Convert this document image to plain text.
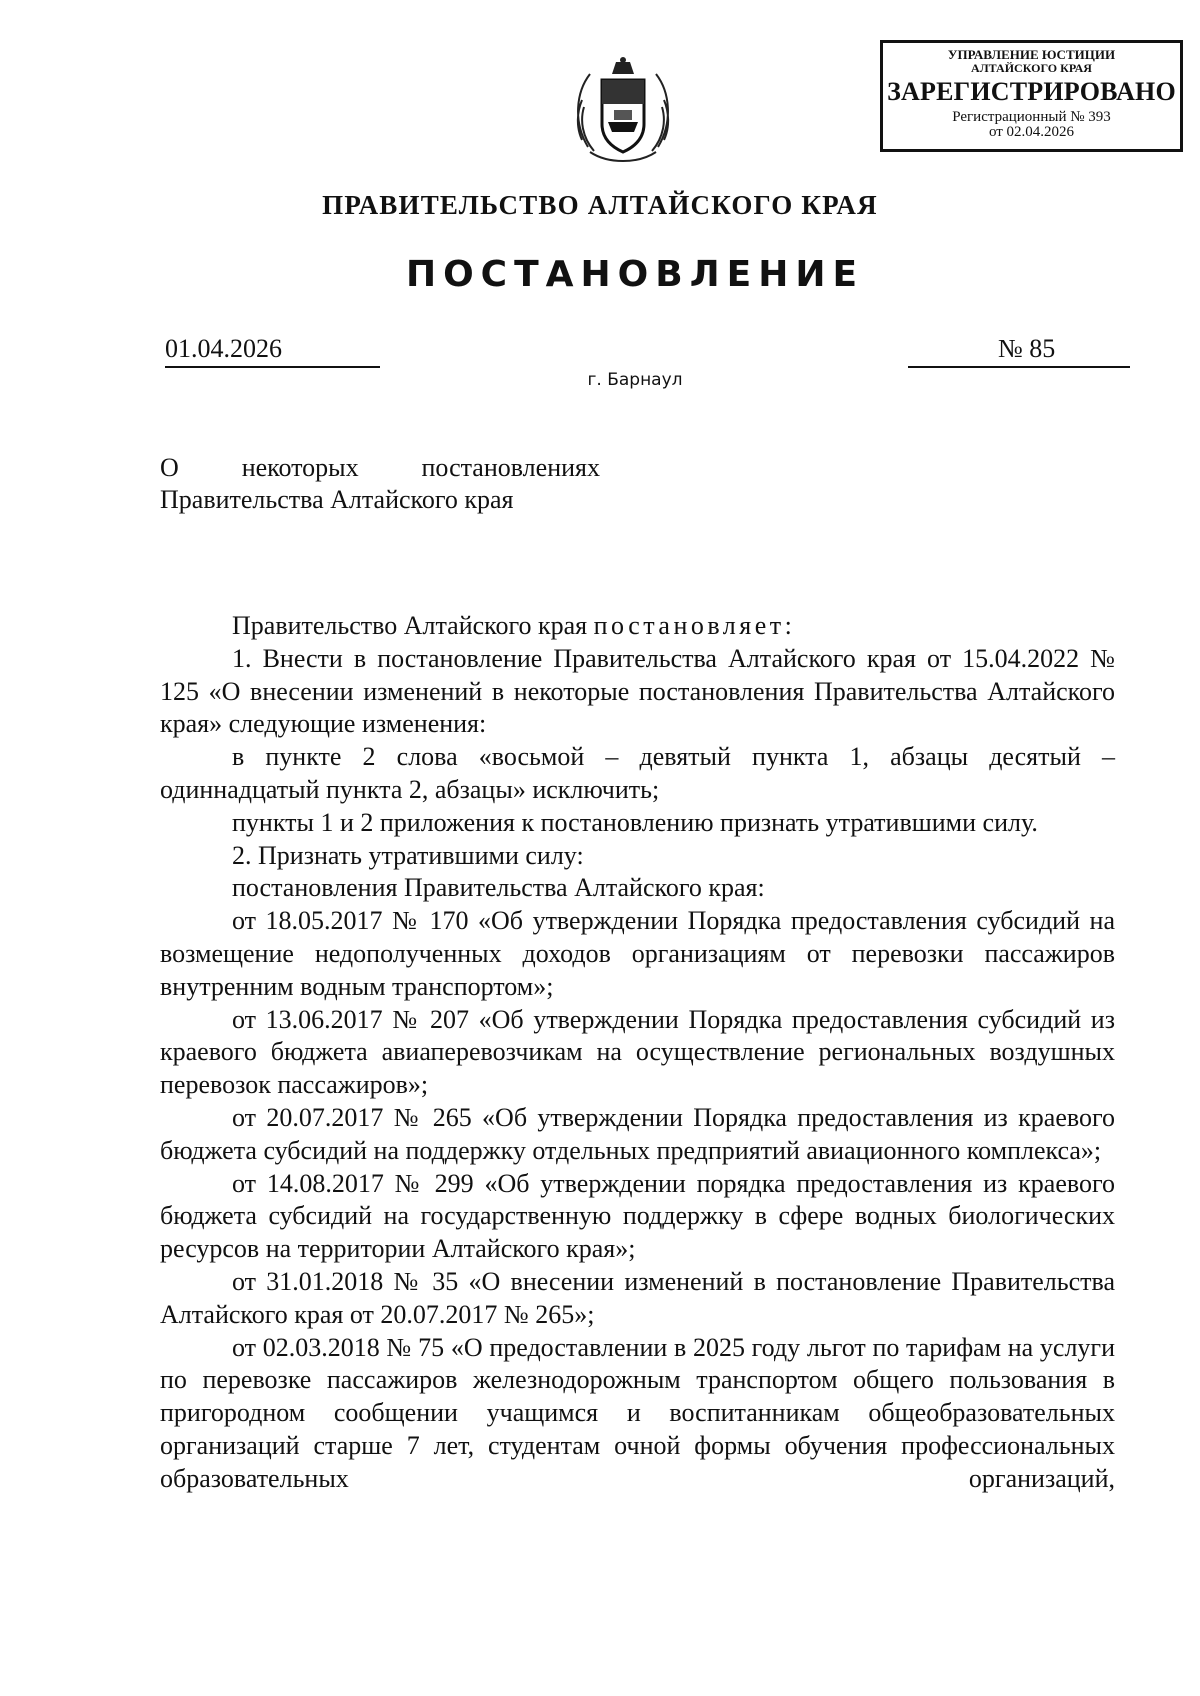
УПРАВЛЕНИЕ ЮСТИЦИИ
АЛТАЙСКОГО КРАЯ
ЗАРЕГИСТРИРОВАНО
Регистрационный № 393
от 02.04.2026
ПРАВИТЕЛЬСТВО АЛТАЙСКОГО КРАЯ
ПОСТАНОВЛЕНИЕ
01.04.2026	№ 85
г. Барнаул
О некоторых постановлениях
Правительства Алтайского края

Правительство Алтайского края постановляет:

1. Внести в постановление Правительства Алтайского края от 15.04.2022 № 125 «О внесении изменений в некоторые постановления Правительства Алтайского края» следующие изменения:

в пункте 2 слова «восьмой – девятый пункта 1, абзацы десятый – одиннадцатый пункта 2, абзацы» исключить;

пункты 1 и 2 приложения к постановлению признать утратившими силу.

2. Признать утратившими силу:

постановления Правительства Алтайского края:

от 18.05.2017 № 170 «Об утверждении Порядка предоставления субсидий на возмещение недополученных доходов организациям от перевозки пассажиров внутренним водным транспортом»;

от 13.06.2017 № 207 «Об утверждении Порядка предоставления субсидий из краевого бюджета авиаперевозчикам на осуществление региональных воздушных перевозок пассажиров»;

от 20.07.2017 № 265 «Об утверждении Порядка предоставления из краевого бюджета субсидий на поддержку отдельных предприятий авиационного комплекса»;

от 14.08.2017 № 299 «Об утверждении порядка предоставления из краевого бюджета субсидий на государственную поддержку в сфере водных биологических ресурсов на территории Алтайского края»;

от 31.01.2018 № 35 «О внесении изменений в постановление Правительства Алтайского края от 20.07.2017 № 265»;

от 02.03.2018 № 75 «О предоставлении в 2025 году льгот по тарифам на услуги по перевозке пассажиров железнодорожным транспортом общего пользования в пригородном сообщении учащимся и воспитанникам общеобразовательных организаций старше 7 лет, студентам очной формы обучения профессиональных образовательных организаций,
